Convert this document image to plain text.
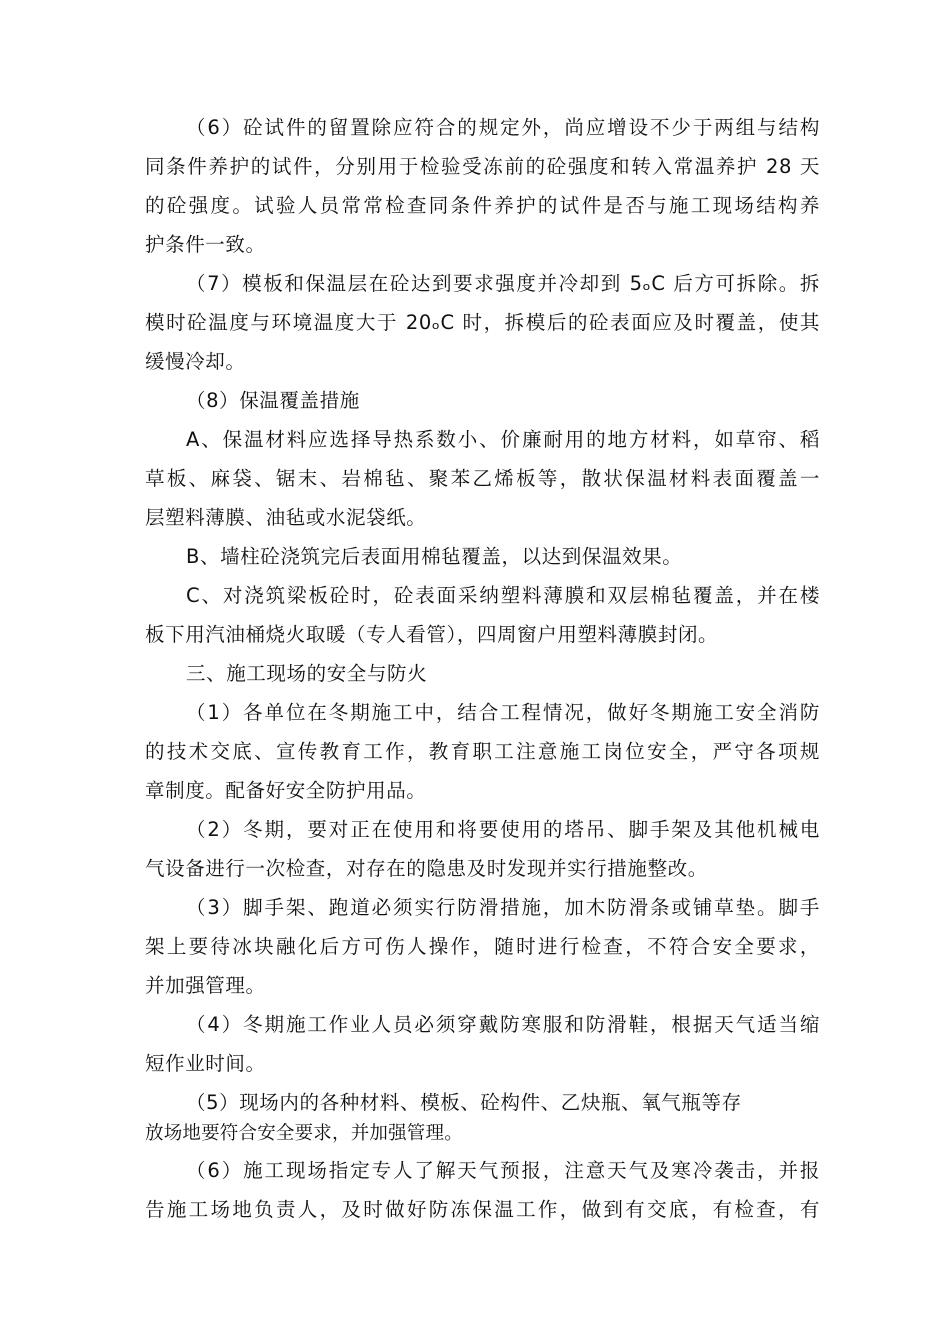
（6）砼试件的留置除应符合的规定外，尚应增设不少于两组与结构
同条件养护的试件，分别用于检验受冻前的砼强度和转入常温养护 28 天
的砼强度。试验人员常常检查同条件养护的试件是否与施工现场结构养
护条件一致。
（7）模板和保温层在砼达到要求强度并冷却到 5ₒC 后方可拆除。拆
模时砼温度与环境温度大于 20ₒC 时，拆模后的砼表面应及时覆盖，使其
缓慢冷却。
（8）保温覆盖措施
A、保温材料应选择导热系数小、价廉耐用的地方材料，如草帘、稻
草板、麻袋、锯末、岩棉毡、聚苯乙烯板等，散状保温材料表面覆盖一
层塑料薄膜、油毡或水泥袋纸。
B、墙柱砼浇筑完后表面用棉毡覆盖，以达到保温效果。
C、对浇筑梁板砼时，砼表面采纳塑料薄膜和双层棉毡覆盖，并在楼
板下用汽油桶烧火取暖（专人看管），四周窗户用塑料薄膜封闭。
三、施工现场的安全与防火
（1）各单位在冬期施工中，结合工程情况，做好冬期施工安全消防
的技术交底、宣传教育工作，教育职工注意施工岗位安全，严守各项规
章制度。配备好安全防护用品。
（2）冬期，要对正在使用和将要使用的塔吊、脚手架及其他机械电
气设备进行一次检查，对存在的隐患及时发现并实行措施整改。
（3）脚手架、跑道必须实行防滑措施，加木防滑条或铺草垫。脚手
架上要待冰块融化后方可伤人操作，随时进行检查，不符合安全要求，
并加强管理。
（4）冬期施工作业人员必须穿戴防寒服和防滑鞋，根据天气适当缩
短作业时间。
（5）现场内的各种材料、模板、砼构件、乙炔瓶、氧气瓶等存
放场地要符合安全要求，并加强管理。
（6）施工现场指定专人了解天气预报，注意天气及寒冷袭击，并报
告施工场地负责人，及时做好防冻保温工作，做到有交底，有检查，有
